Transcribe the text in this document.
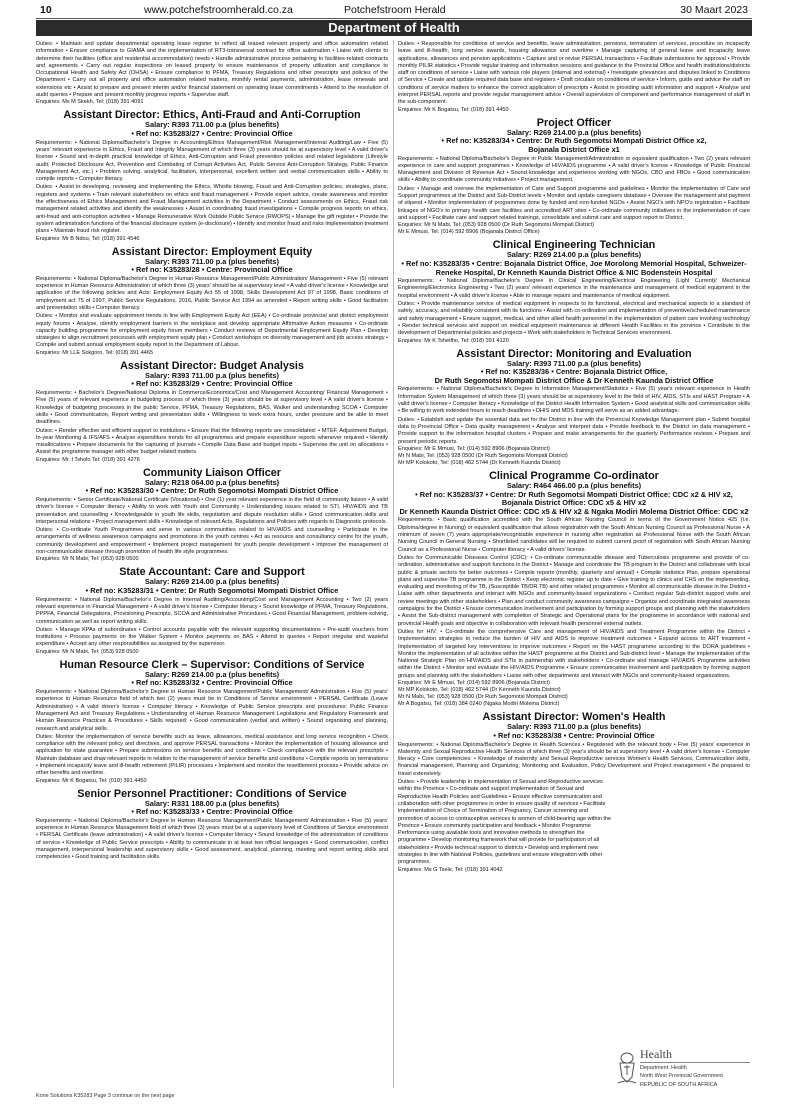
10	www.potchefstroomherald.co.za	Potchefstroom Herald	30 Maart 2023
Department of Health

Duties: • Maintain and update departmental operating lease register to reflect all leased relevant property and office automation related information • Ensure compliance to GIAMA and the implementation of RT3-transversal contract for office automation • Liaise with clients to determine their facilities (office and residential accommodation) needs • Handle administrative process pertaining to facilities-related contracts and agreements • Carry out regular inspections on leased property to ensure maintenance of property utilization and compliance to Occupational Health and Safety Act (OHSA) • Ensure compliance to PFMA, Treasury Regulations and other prescripts and policies of the Department • Carry out all property and office automation related matters, monthly rental payments, administration, lease renewals and extensions etc • Assist to prepare and present interim and/or financial statement on operating lease commitments • Attend to the resolution of audit queries • Prepare and present monthly progress reports • Supervise staff.

Enquiries: Ms M Skekh, Tel: (018) 391 4091

Assistant Director: Ethics, Anti-Fraud and Anti-Corruption
Salary: R393 711.00 p.a (plus benefits)
• Ref no: K35283/27 • Centre: Provincial Office

Requirements: • National Diploma/Bachelor's Degree in Accounting/Ethics Management/Risk Management/Internal Auditing/Law • Five (5) years' relevant experience in Ethics, Fraud and Integrity Management of which three (3) years should be at supervisory level • A valid driver's license • Sound and in-depth practical knowledge of Ethics, Anti-Corruption and Fraud prevention policies and related legislations (Lifestyle audit, Protected Disclosure Act, Prevention and Combating of Corrupt Activities Act, Public Service Anti-Corruption Strategy, Public Finance Management Act, etc.) • Problem solving, analytical, facilitation, interpersonal, excellent written and verbal communication skills • Ability to compile reports • Computer literacy.

Duties: • Assist in developing, reviewing and implementing the Ethics, Whistle blowing, Fraud and Anti-Corruption policies, strategies, plans, registers and systems • Train relevant stakeholders on ethics and fraud management • Provide expert advice, create awareness and monitor the effectiveness of Ethics Management and Fraud Management activities in the Department • Conduct assessments on Ethics, Fraud risk management related activities and identify the weaknesses • Assist in coordinating fraud investigations • Compile progress reports on ethics, anti-fraud and anti-corruption activities • Manage Remunerative Work Outside Public Service (RWOPS) • Manage the gift register • Provide the system administration functions of the financial disclosure system (e-disclosure) • Identify and monitor fraud and risks implementation treatment plans • Maintain fraud risk register.

Enquiries: Mr B Ndou, Tel: (018) 391 4546

Assistant Director: Employment Equity
Salary: R393 711.00 p.a (plus benefits)
• Ref no: K35283/28 • Centre: Provincial Office

Requirements: • National Diploma/Bachelor's Degree in Human Resource Management/Public Administration/ Management • Five (5) relevant experience in Human Resource Administration of which three (3) years' should be at supervisory level • A valid driver's license • Knowledge and application of the following policies and Acts: Employment Equity Act 55 of 1998, Skills Development Act 97 of 1998, Basic conditions of employment act 75 of 1997, Public Service Regulations, 2016, Public Service Act 1994 as amended • Report writing skills • Good facilitation and presentation skills • Computer literacy.

Duties: • Monitor and evaluate appointment trends in line with Employment Equity Act (EEA) • Co-ordinate provincial and district employment equity forums • Analyse, identify employment barriers in the workplace and develop appropriate Affirmative Action measures • Co-ordinate capacity building programme for employment equity forum members • Conduct reviews of Departmental Employment Equity Plan • Develop strategies to align recruitment processes with employment equity plan • Conduct workshops on diversity management and job access strategy • Compile and submit annual employment equity report to the Department of Labour.

Enquiries: Mr LLE Sokgoro, Tel: (018) 391 4465

Assistant Director: Budget Analysis
Salary: R393 711.00 p.a (plus benefits)
• Ref no: K35283/29 • Centre: Provincial Office

Requirements: • Bachelor's Degree/National Diploma in Commerce/Economics/Cost and Management Accounting/ Financial Management • Five (5) years of relevant experience in budgeting process of which three (3) years should be at supervisory level • A valid driver's license • Knowledge of budgeting processes in the public Service, PFMA, Treasury Regulations, BAS, Walker and understanding SCOA • Computer skills • Good communication, Report writing and presentation skills • Willingness to work extra hours, under pressure and be able to meet deadlines.

Duties: • Render effective and efficient support to institutions • Ensure that the following reports are consolidated: • MTEF, Adjustment Budget, In-year Monitoring & IFS/AFS • Analyse expenditure trends for all programmes and prepare expenditure reports whenever required • Identify misallocations • Prepare documents for the capturing of journals • Compile Data Base and budget inputs • Supervise the unit on allocations • Assist the programme manager with other budget related matters.

Enquiries: Mr. I Tsholo Tel: (018) 391 4276

Community Liaison Officer
Salary: R218 064.00 p.a (plus benefits)
• Ref no: K35283/30 • Centre: Dr Ruth Segomotsi Mompati District Office

Requirements: • Senior Certificate/National Certificate (Vocational) • One (1) year relevant experience in the field of community liaison • A valid driver's license • Computer literacy • Ability to work with Youth and Community • Understanding issues related to STI, HIV/AIDS and TB presentation and counselling • Knowledgeable in youth life skills, negotiation and dispute resolution skills • Good communication skills and interpersonal relations • Project management skills • Knowledge of relevant Acts, Regulations and Policies with regards to Diagnostic protocols.

Duties: • Co-ordinate Youth Programmes and serve in various communities related to HIV/AIDS and counselling • Participate in the arrangements of wellness awareness campaigns and promotions in the youth centres • Act as resource and consultancy centre for the youth, community development and empowerment • Implement project management for youth people development • Improve the management of non-communicable disease through promotion of health life style programmes.

Enquiries: Mr N Mabi, Tel: (053) 928 0500

State Accountant: Care and Support
Salary: R269 214.00 p.a (plus benefits)
• Ref no: K35283/31 • Centre: Dr Ruth Segomotsi Mompati District Office

Requirements: • National Diploma/Bachelor's Degree in Internal Auditing/Accounting/Cost and Management Accounting • Two (2) years relevant experience in Financial Management • A valid driver's license • Computer literacy • Sound knowledge of PFMA, Treasury Regulations, PPPFA, Financial Delegations, Provisioning Prescripts, SCOA and Administrative Procedures • Good Financial Management, problem-solving, communication as well as report writing skills.

Duties: • Manage KPAs of subordinates • Control accounts payable with the relevant supporting documentations • Pre-audit vouchers from institutions • Process payments on the Walker System • Monitor payments on BAS • Attend to queries • Report irregular and wasteful expenditure • Accept any other responsibilities as assigned by the supervisor.

Enquiries: Mr N Mabi, Tel: (053) 928 0500

Human Resource Clerk – Supervisor: Conditions of Service
Salary: R269 214.00 p.a (plus benefits)
• Ref no: K35283/32 • Centre: Provincial Office

Requirements: • National Diploma/Bachelor's Degree in Human Resource Management/Public Management/ Administration • Five (5) years' experience in Human Resource field of which two (2) years must be in Conditions of Service environment • PERSAL Certificate (Leave Administration) • A valid driver's license • Computer literacy • Knowledge of Public Service prescripts and procedures: Public Finance Management Act and Treasury Regulations • Understanding of Human Resource Management Legislations and Regulatory Framework and Human Resource Practices & Procedures • Skills required: • Good communication (verbal and written) • Sound organising and planning, research and analytical skills.

Duties: Monitor the implementation of service benefits such as leave, allowances, medical assistance and long service recognition • Check compliance with the relevant policy and directives, and approve PERSAL transactions • Monitor the implementation of housing allowance and application for state guarantee • Prepare submissions on service benefits and conditions • Check compliance with the relevant prescripts • Maintain database and draw relevant reports in relation to the management of service benefits and conditions • Compile reports on terminations • Implement incapacity leave and ill-health retirement (PILIR) processes • Implement and monitor the resettlement process • Provide advice on other benefits and overtime.

Enquiries: Mr K Bogatsu, Tel: (018) 391 4450

Senior Personnel Practitioner: Conditions of Service
Salary: R331 188.00 p.a (plus benefits)
• Ref no: K35283/33 • Centre: Provincial Office

Requirements: • National Diploma/Bachelor's Degree in Human Resource Management/Public Management/ Administration • Five (5) years' experience in Human Resource Management field of which three (3) years must be at a supervisory level of Conditions of Service environment • PERSAL Certificate (leave administration) • A valid driver's license • Computer literacy • Sound knowledge of the administration of conditions of service • Knowledge of Public Service prescripts • Ability to communicate in at least two official languages • Good communication, conflict management, interpersonal leadership and supervisory skills • Good assessment, analytical, planning, meeting and report writing skills and competencies • Good training and facilitation skills.

Duties: • Responsible for conditions of service and benefits, leave administration, pensions, termination of services, procedure on incapacity leave and ill-health, long service awards, housing allowance and overtime • Manage capturing of general leave and incapacity leave applications, allowances and pension applications • Capture and or revise PERSAL transactions • Facilitate submissions for approval • Provide monthly PILIR statistics • Provide regular training and information sessions and guidance to the Provincial Office and health institutions/districts staff on conditions of service • Liaise with various role players (internal and external) • Investigate grievances and disputes linked to Conditions of Service • Create and update required data base and registers • Draft circulars on conditions of service • Inform, guide and advice the staff on conditions of service matters to enhance the correct application of prescripts • Assist in providing audit information and support • Analyse and interpret PERSAL reports and provide regular management advice • Overall supervision of component and performance management of staff in the sub-component.

Enquiries: Mr K Bogatsu, Tel: (018) 391 4450

Project Officer
Salary: R269 214.00 p.a (plus benefits)
• Ref no: K35283/34 • Centre: Dr Ruth Segomotsi Mompati District Office x2,
Bojanala District Office x1

Requirements: • National Diploma/Bachelor's Degree in Public Management/Administration or equivalent qualification • Two (2) years relevant experience in care and support programmes • Knowledge of HIV/AIDS programme • A valid driver's license • Knowledge of Public Financial Management and Division of Revenue Act • Sound knowledge and experience working with NGOs, CBO and FBOs • Good communication skills • Ability to coordinate community initiatives • Project management.

Duties: • Manage and oversee the implementation of Care and Support programme and guidelines • Monitor the implementation of Care and Support programmes at the District and Sub-District levels • Monitor and update caregivers database • Oversee the management and payment of stipend • Monitor implementation of programmes done by funded and non-funded NGOs • Assist NGO's with NPO's registration • Facilitate linkages of NGO's to primary health care facilities and accredited ART sites • Co-ordinate community initiatives in the implementation of care and support • Facilitate care and support related trainings, consolidate and submit care and support report to District.

Enquiries: Mr N Mabi, Tel: (053) 928 0500 (Dr Ruth Segomotsi Mompati District)

Mr E Mmusi, Tel: (014) 592 8906 (Bojanala District Office)

Clinical Engineering Technician
Salary: R269 214.00 p.a (plus benefits)
• Ref no: K35283/35 • Centre: Bojanala District Office, Joe Morolong Memorial Hospital, Schweizer-Reneke Hospital, Dr Kenneth Kaunda District Office & NIC Bodenstein Hospital

Requirements: • National Diploma/Bachelor's Degree in Clinical Engineering/Electrical Engineering (Light Current)/ Mechanical Engineering/Electronics Engineering • Two (2) years' relevant experience in the maintenance and management of medical equipment in the hospital environment • A valid driver's license • Able to manage repairs and maintenance of medical equipment.

Duties: • Provide maintenance service of medical equipment in respects to its functional, electrical and mechanical aspects to a standard of safety, accuracy, and reliability consistent with its functions • Assist with co-ordination and implementation of preventive/scheduled maintenance and safety management • Ensure support, medical, and other allied health personnel in the implementation of patient care involving technology • Render technical services and support on medical equipment maintenance at different Health Facilities in the province • Contribute to the development of Departmental policies and projects • Work with stakeholders in Technical Services environment.

Enquiries: Mr K Tshetlho, Tel: (018) 391 4120

Assistant Director: Monitoring and Evaluation
Salary: R393 711.00 p.a (plus benefits)
• Ref no: K35283/36 • Centre: Bojanala District Office,
Dr Ruth Segomotsi Mompati District Office & Dr Kenneth Kaunda District Office

Requirements: • National Diploma/Bachelor's Degree in Information Management/Statistics • Five (5) year's relevant experience in Health Information System Management of which three (3) years should be at supervisory level in the field of HIV, AIDS, STIs and HAST Program • A valid driver's license • Computer literacy • Knowledge of the District Health Information System • Good analytical skills and communication skills • Be willing to work extended hours to reach deadlines • DHIS and MDS training will serve as an added advantage.

Duties: • Establish and update the essential data set for the District in line with the Provincial Knowledge Management plan • Submit hospital data to Provincial Office • Data quality management • Analyse and interpret data • Provide feedback to the District on data management • Provide support to the information hospital clusters • Prepare and make arrangements for the quarterly Performance reviews • Prepare and present periodic reports.

Enquiries: Mr E Mmusi, Tel: (014) 592 8906 (Bojanala District)

Mr N Mabi, Tel: (053) 928 0500 (Dr Ruth Segomotsi Mompati District)

Mr MP Kolokoto, Tel: (018) 462 5744 (Dr Kenneth Kaunda District)

Clinical Programme Co-ordinator
Salary: R464 466.00 p.a (plus benefits)
• Ref no: K35283/37 • Centre: Dr Ruth Segomotsi Mompati District Office: CDC x2 & HIV x2,
Bojanala District Office: CDC x5 & HIV x2
Dr Kenneth Kaunda District Office: CDC x5 & HIV x2 & Ngaka Modiri Molema District Office: CDC x2

Requirements: • Basic qualification accredited with the South African Nursing Council in terms of the Government Notice 425 (i.e. Diploma/degree in Nursing) or equivalent qualification that allows registration with the South African Nursing Council as Professional Nurse • A minimum of seven (7) years appropriate/recognisable experience in nursing after registration as Professional Nurse with the South African Nursing Council in General Nursing • Shortlisted candidates will be required to submit current proof of registration with South African Nursing Council as a Professional Nurse • Computer literacy • A valid drivers' license.

Duties for Communicable Diseases Control (CDC): • Co-ordinate communicable disease and Tuberculosis programme and provide of co-ordination, administrative and support functions in the District • Manage and coordinate the TB program in the District and collaborate with local public & private sectors for better outcomes • Compile reports (monthly, quarterly and annual) • Compile statistics Plan, prepare operational plans and supervise TB programme in the District • Keep electronic register up to date • Give training to clinics and CHS on the implementing, evaluating and monitoring of the TB, (Susceptible TB/DR TB) and other related programmes • Monitor all communicable disease in the District • Liaise with other departments and interact with NGOs and community-based organizations • Conduct regular Sub-district support visits and review meetings with other stakeholders • Plan and conduct community awareness campaigns • Organize and coordinate integrated awareness campaigns for the District • Ensure communication involvement and participation by forming support groups and planning with the stakeholders • Assist the Sub-district management with completion of Strategic and Operational plans for the programme in accordance with national and provincial Health goals and objective in collaboration with relevant health personnel external outlets.

Duties for HIV: • Co-ordinate the comprehensive Care and management of HIV/AIDS and Treatment Programme within the District • Implementation strategies to reduce the burden of HIV and AIDS to improve treatment outcomes • Expand access to ART treatment • Implementation of targeted key interventions to improve outcomes • Report on the HAST programme according to the DORA guidelines • Monitor the implementation of all activities within the HAST programme at the District and Sub-district level • Manage the implementation of the National Strategic Plan on HIV/AIDS and STIs in partnership with stakeholders • Co-ordinate and manage HIV/AIDS Programme activities within the District • Monitor and evaluate the HIV/AIDS Programme • Ensure communication involvement and participation by forming support groups and planning with the stakeholders • Liaise with other departments and interact with NGOs and community-based organizations.

Enquiries: Mr E Mmusi, Tel: (014) 592 8906 (Bojanala District)

Mr MP Kolokoto, Tel: (018) 462 5744 (Dr Kenneth Kaunda District)

Mr N Mabi, Tel: (053) 928 0500 (Dr Ruth Segomotsi Mompati District)

Mr A Bogatsu, Tel: (018) 384 0240 (Ngaka Modiri Molema District)

Assistant Director: Women's Health
Salary: R393 711.00 p.a (plus benefits)
• Ref no: K35283/38 • Centre: Provincial Office

Requirements: • National Diploma/Bachelor's Degree in Health Sciences • Registered with the relevant body • Five (5) years' experience in Maternity and Sexual Reproductive Health Services of which three (3) year's should be at supervisory level • A valid driver's license • Computer literacy • Core competencies: • Knowledge of maternity and Sexual Reproductive services Women's Health Services, Communication skills, financial management, Planning and Organizing, Monitoring and Evaluation, Policy Development and Project management • Be prepared to travel extensively.

Duties: • Provide leadership in implementation of Sexual and Reproductive services within the Province • Co-ordinate and support implementation of Sexual and Reproductive Health Policies and Guidelines • Ensure effective communication and collaboration with other programmes in order to ensure quality of services • Facilitate implementation of Choice of Termination of Pregnancy, Cancer screening and promotion of access to contraceptive services to women of child-bearing age within the Province • Ensure community participation and feedback • Monitor Programme Performance using available tools and innovative methods to strengthen the programme • Develop monitoring framework that will provide for participation of all stakeholders • Provide technical support to districts • Develop and implement new strategies in line with National Policies, guidelines and ensure integration with other programmes.

Enquiries: Ms G Tsele, Tel: (018) 391 4042

Health
Department: Health
North West Provincial Government
REPUBLIC OF SOUTH AFRICA
Kone Solutions K35283 Page 3 continue on the next page
